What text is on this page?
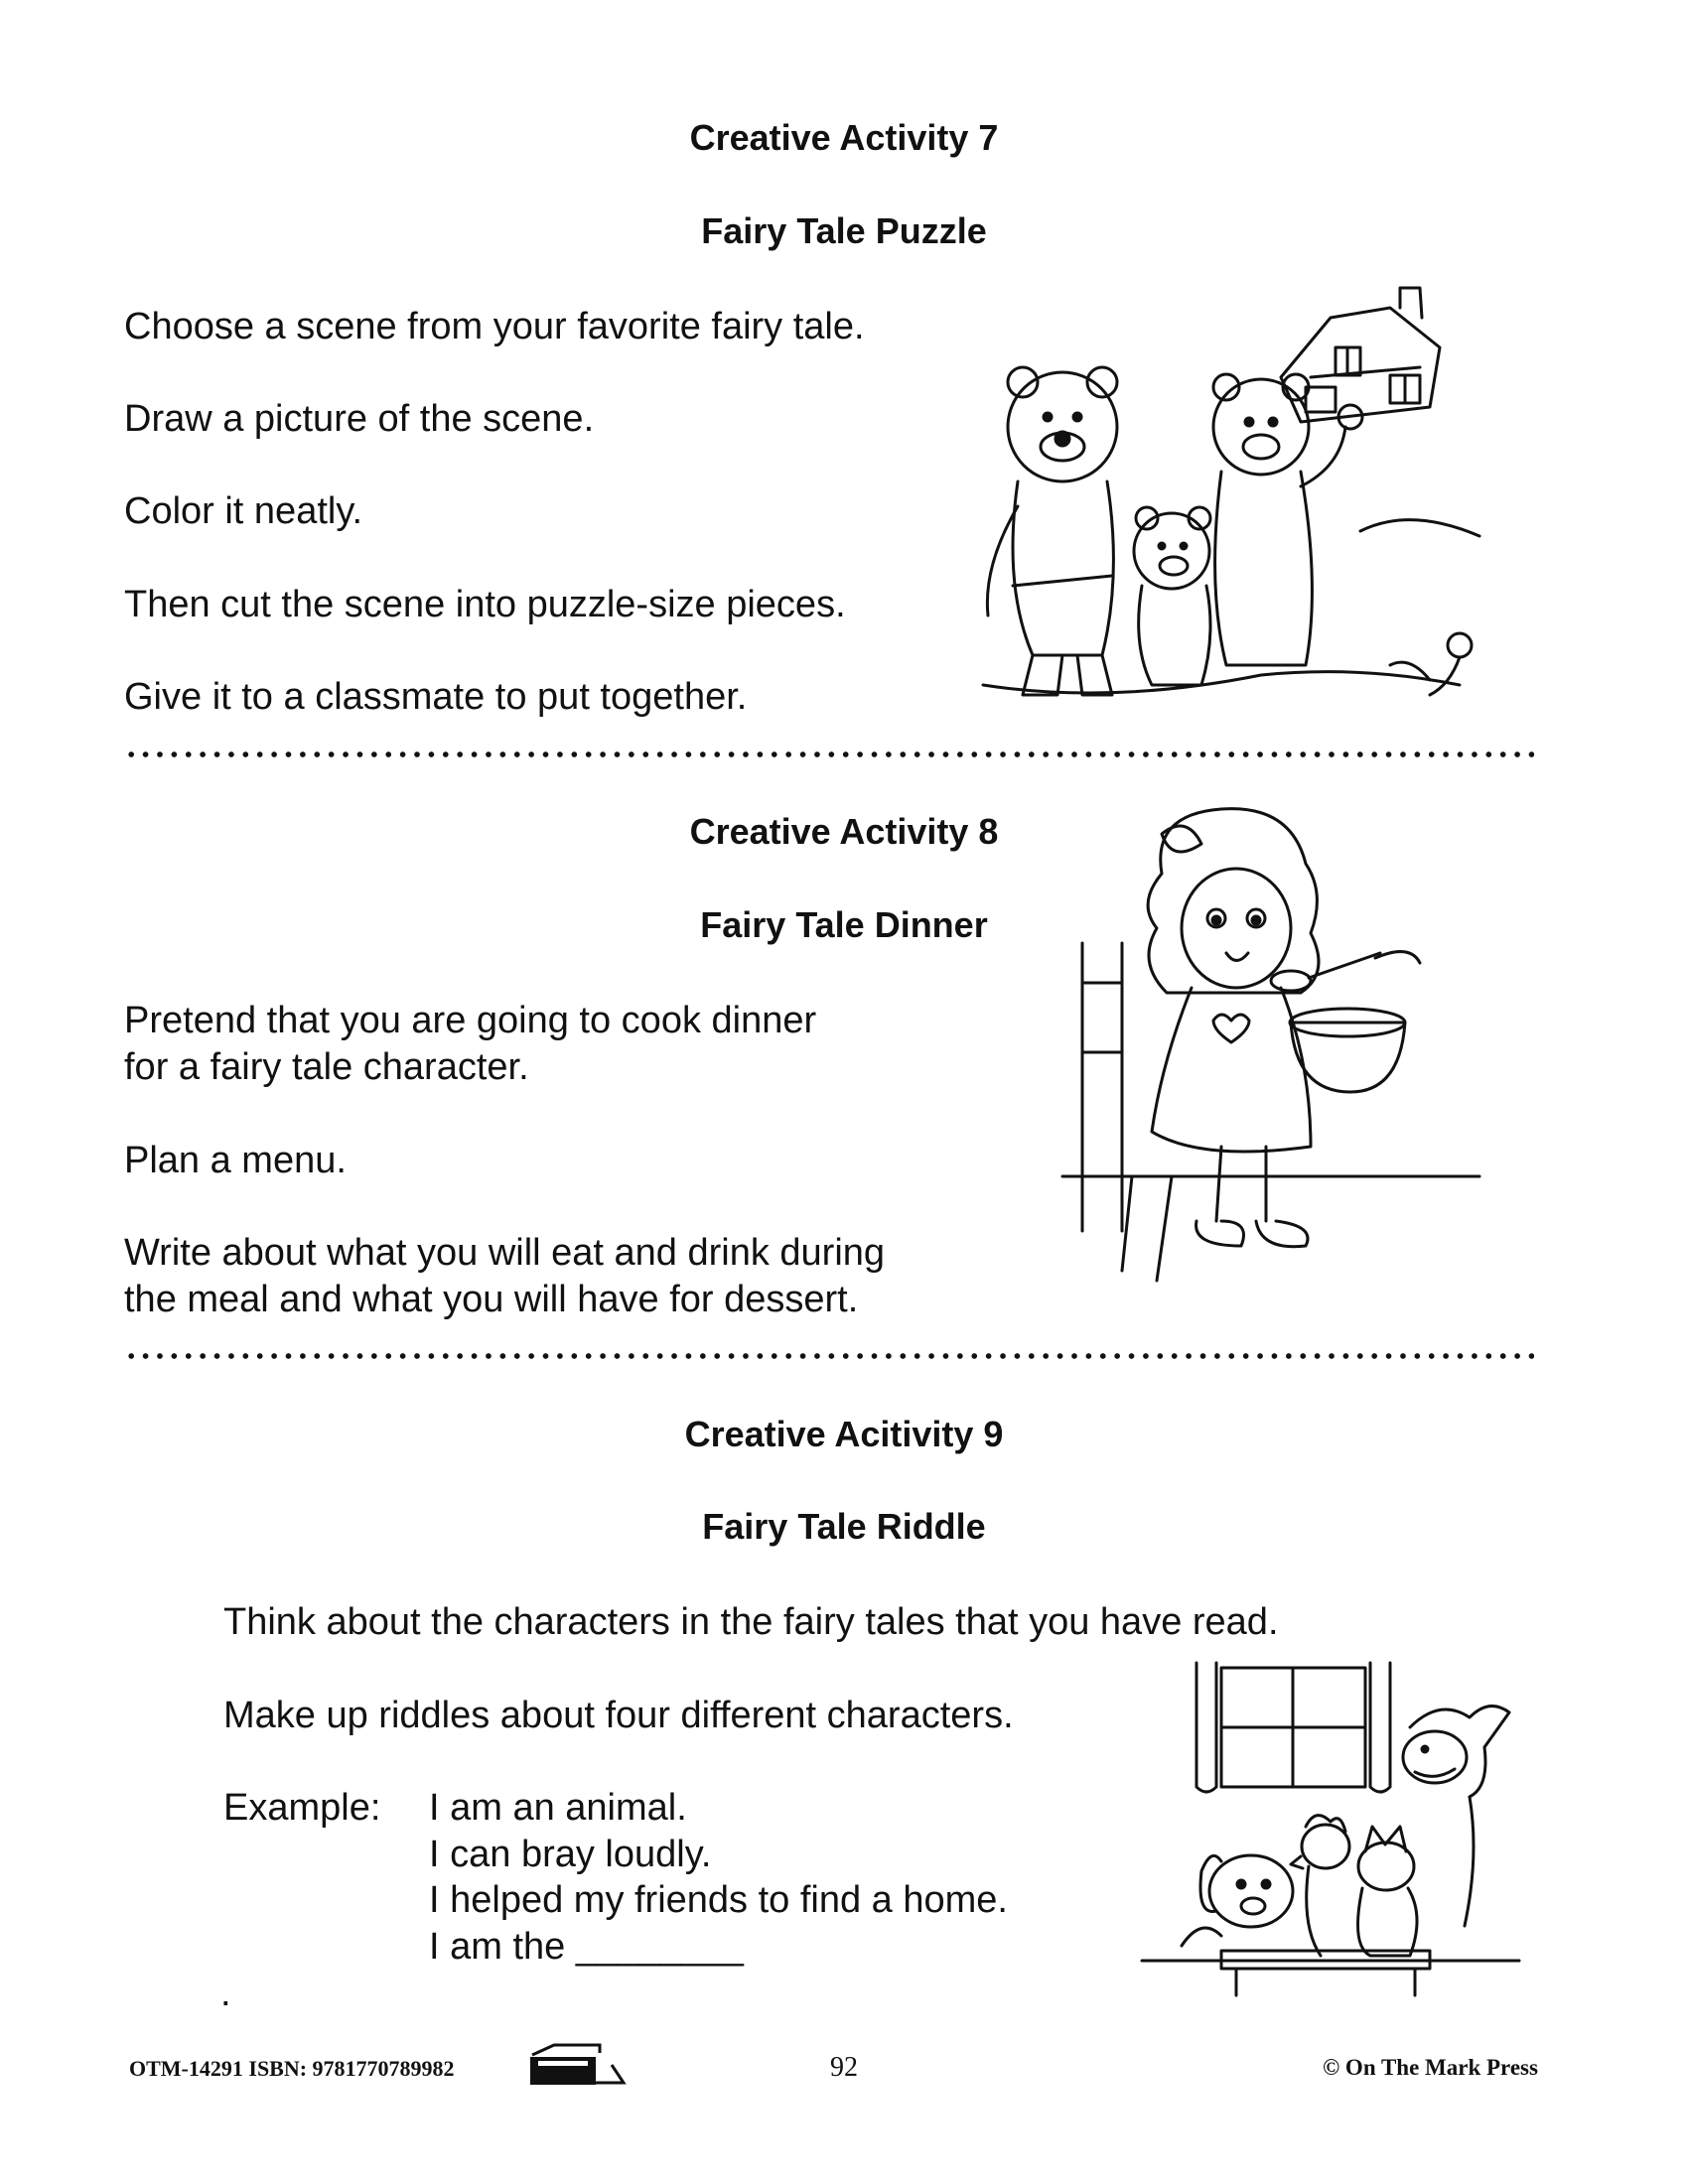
Creative Activity 7
Fairy Tale Puzzle

Choose a scene from your favorite fairy tale.

Draw a picture of the scene.

Color it neatly.

Then cut the scene into puzzle-size pieces.

Give it to a classmate to put together.

Creative Activity 8
Fairy Tale Dinner

Pretend that you are going to cook dinner

for a fairy tale character.

Plan a menu.

Write about what you will eat and drink during

the meal and what you will have for dessert.

Creative Acitivity 9
Fairy Tale Riddle

Think about the characters in the fairy tales that you have read.

Make up riddles about four different characters.

Example: I am an animal.

I can bray loudly.

I helped my friends to find a home.

I am the ________

.

OTM-14291 ISBN: 9781770789982	92	© On The Mark Press
